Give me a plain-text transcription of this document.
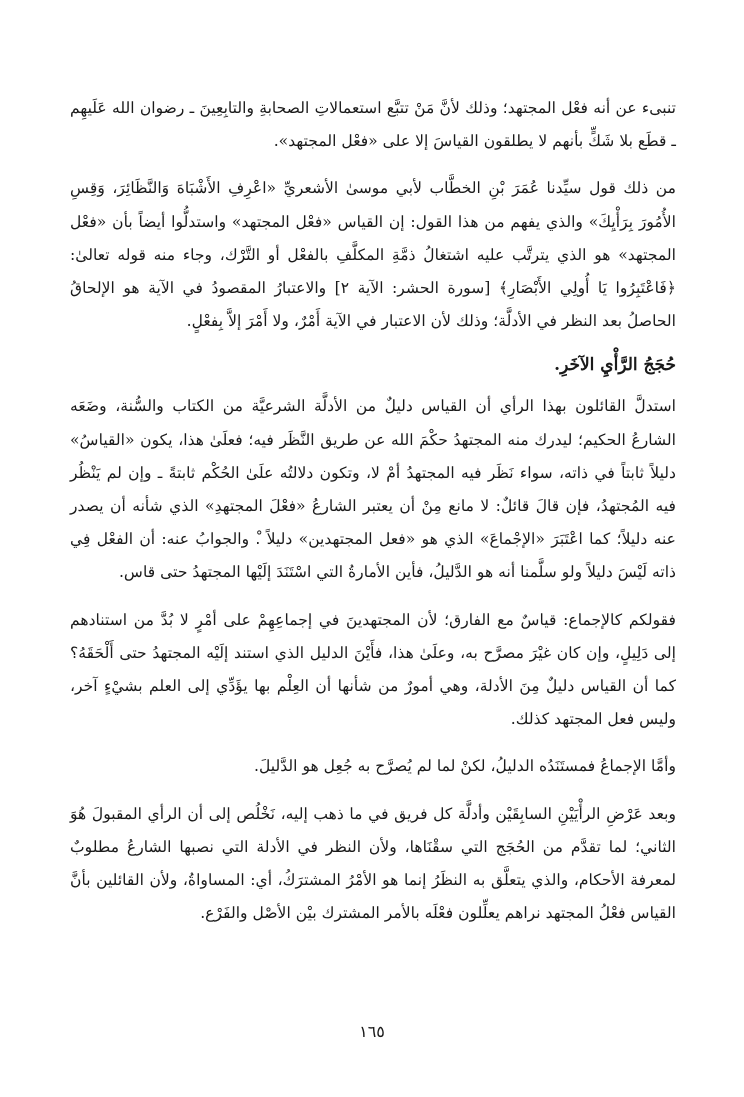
تنبىء عن أنه فعْل المجتهد؛ وذلك لأنَّ مَنْ تتبَّع استعمالاتِ الصحابةِ والتابِعِينَ ـ رضوان الله عَلَيهِم ـ قطَع بلا شَكٍّ بأنهم لا يطلقون القياسَ إلا على «فعْل المجتهد».

من ذلك قول سيِّدنا عُمَرَ بْنِ الخطَّاب لأبي موسىٰ الأشعريِّ «اعْرِفِ الأَشْبَاهَ وَالنَّظَائِرَ، وَقِسِ الأُمُورَ بِرَأْيِكَ» والذي يفهم من هذا القول: إن القياس «فعْل المجتهد» واستدلُّوا أيضاً بأن «فعْل المجتهد» هو الذي يترتَّب عليه اشتغالُ ذمَّةِ المكلَّفِ بالفعْل أو التَّرْك، وجاء منه قوله تعالىٰ: ﴿فَاعْتَبِرُوا يَا أُولِي الأَبْصَارِ﴾ [سورة الحشر: الآية ٢] والاعتبارُ المقصودُ في الآية هو الإلحاقُ الحاصلُ بعد النظر في الأدلَّة؛ وذلك لأن الاعتبار في الآية أَمْرٌ، ولا أَمْرَ إلاَّ بِفعْلٍ.

حُجَجُ الرَّأْيِ الآخَرِ.

استدلَّ القائلون بهذا الرأي أن القياس دليلٌ من الأدلَّة الشرعيَّة من الكتاب والسُّنة، وضَعَه الشارعُ الحكيم؛ ليدرك منه المجتهدُ حكْمَ الله عن طريق النَّظَر فيه؛ فعلَىٰ هذا، يكون «القياسُ» دليلاً ثابتاً في ذاته، سواء نَظَر فيه المجتهدُ أمْ لا، وتكون دلالتُه علَىٰ الحُكْم ثابتةً ـ وإن لم يَنْظُر فيه المُجتهدُ، فإن قالَ قائلٌ: لا مانع مِنْ أن يعتبر الشارعُ «فعْلَ المجتهدِ» الذي شأنه أن يصدر عنه دليلاً؛ كما اعْتَبَرَ «الإجْماعَ» الذي هو «فعل المجتهدين» دليلاً .ْ والجوابُ عنه: أن الفعْل فِي ذاته لَيْسَ دليلاً ولو سلَّمنا أنه هو الدَّليلُ، فأين الأمارةُ التي اسْتَنَدَ إلَيْها المجتهدُ حتى قاس.

فقولكم كالإجماع: قياسٌ مع الفارق؛ لأن المجتهدينَ في إجماعِهِمْ على أمْرٍ لا بُدَّ من استنادهم إلى دَلِيلٍ، وإن كان غيْرَ مصرَّح به، وعلَىٰ هذا، فأَيْنَ الدليل الذي استند إلَيْه المجتهدُ حتى أَلْحَقَهُ؟ كما أن القياس دليلٌ مِنَ الأدلة، وهي أمورٌ من شأنها أن العِلْم بها يؤَدِّي إلى العلم بشيْءٍ آخر، وليس فعل المجتهد كذلك.

وأمَّا الإجماعُ فمستَنَدُه الدليلُ، لكنْ لما لم يُصرَّح به جُعِل هو الدَّليلَ.

وبعد عَرْضِ الرأْيَيْنِ السابِقَيْن وأدلَّة كل فريق في ما ذهب إليه، نَخْلُص إلى أن الرأي المقبولَ هُوَ الثاني؛ لما تقدَّم من الحُجَج التي سقْنَاها، ولأن النظر في الأدلة التي نصبها الشارعُ مطلوبٌ لمعرفة الأحكام، والذي يتعلَّق به النظَرُ إنما هو الأمْرُ المشترَكُ، أي: المساواةُ، ولأن القائلين بأنَّ القياس فعْلُ المجتهد نراهم يعلِّلون فعْلَه بالأمر المشترك بيْن الأصْل والفَرْع.

١٦٥
